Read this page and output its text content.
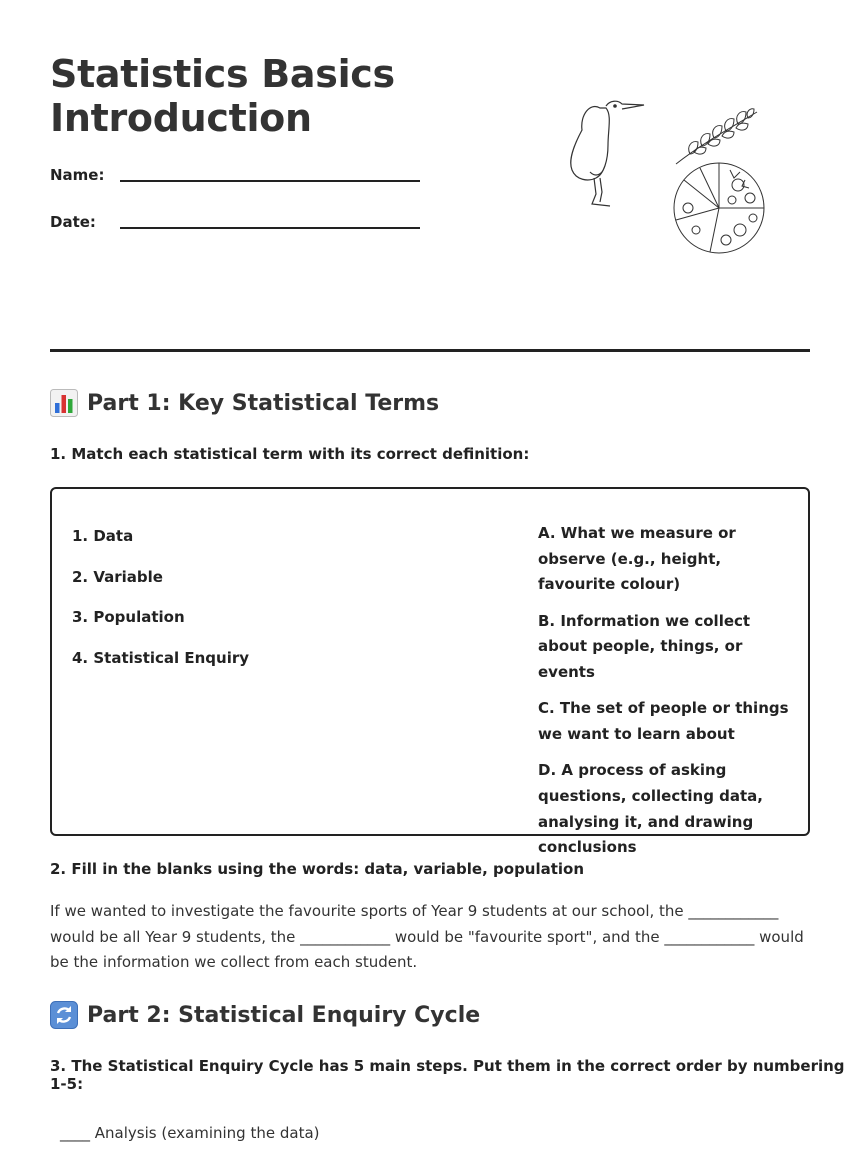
Statistics Basics
Introduction
Name:
Date:
Part 1: Key Statistical Terms

1. Match each statistical term with its correct definition:

1. Data
2. Variable
3. Population
4. Statistical Enquiry
A. What we measure or observe (e.g., height, favourite colour)
B. Information we collect about people, things, or events
C. The set of people or things we want to learn about
D. A process of asking questions, collecting data, analysing it, and drawing conclusions

2. Fill in the blanks using the words: data, variable, population

If we wanted to investigate the favourite sports of Year 9 students at our school, the ____________ would be all Year 9 students, the ____________ would be "favourite sport", and the ____________ would be the information we collect from each student.

Part 2: Statistical Enquiry Cycle

3. The Statistical Enquiry Cycle has 5 main steps. Put them in the correct order by numbering 1-5:

____ Analysis (examining the data)
